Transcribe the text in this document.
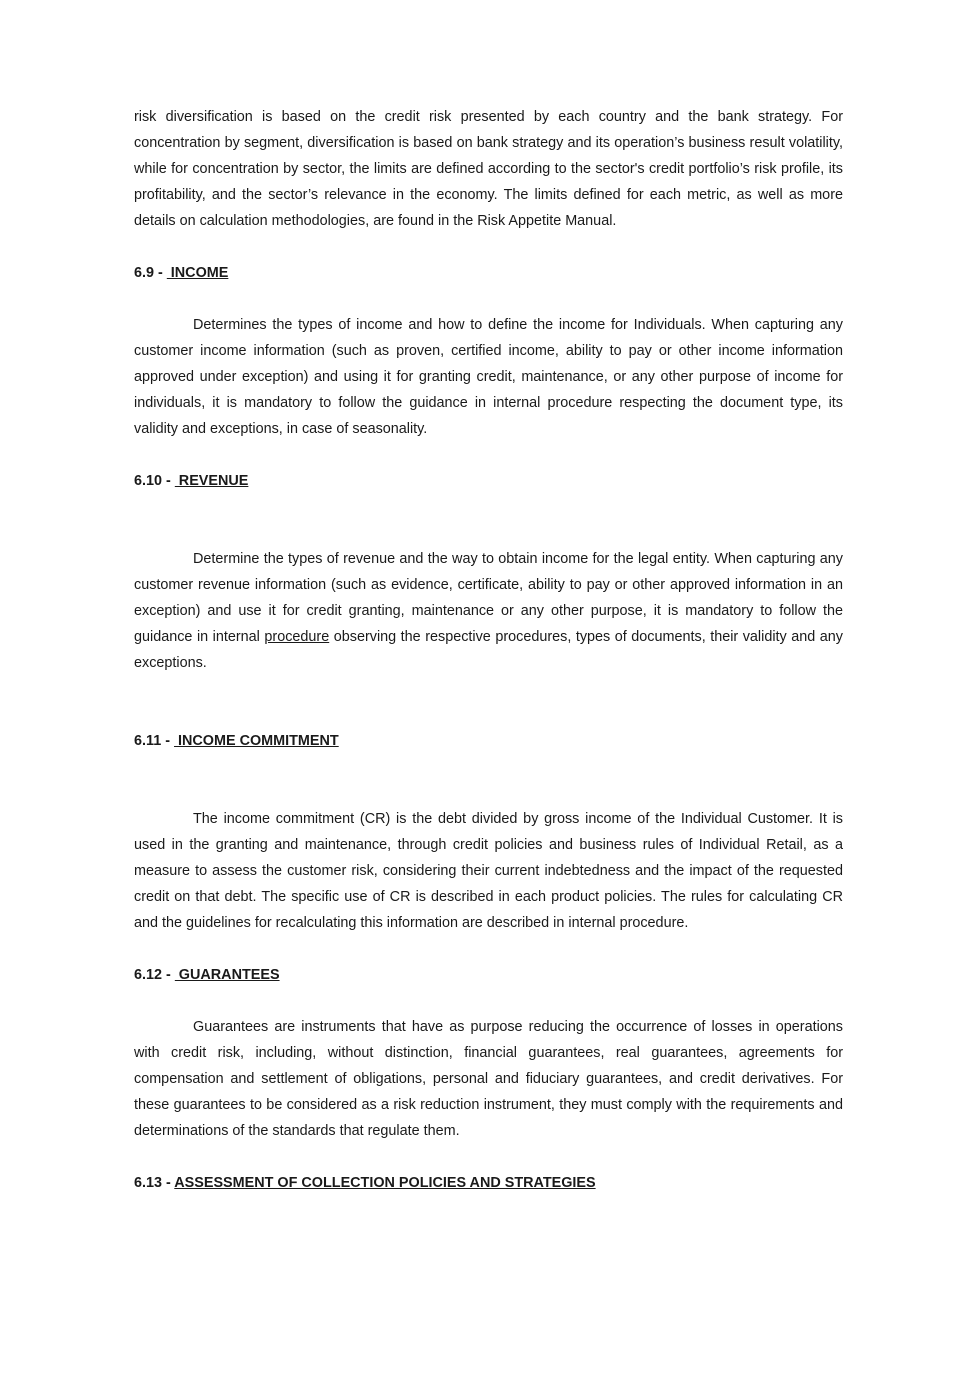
risk diversification is based on the credit risk presented by each country and the bank strategy. For concentration by segment, diversification is based on bank strategy and its operation’s business result volatility, while for concentration by sector, the limits are defined according to the sector's credit portfolio’s risk profile, its profitability, and the sector’s relevance in the economy. The limits defined for each metric, as well as more details on calculation methodologies, are found in the Risk Appetite Manual.

6.9 -  INCOME

Determines the types of income and how to define the income for Individuals. When capturing any customer income information (such as proven, certified income, ability to pay or other income information approved under exception) and using it for granting credit, maintenance, or any other purpose of income for individuals, it is mandatory to follow the guidance in internal procedure respecting the document type, its validity and exceptions, in case of seasonality.

6.10 -  REVENUE

Determine the types of revenue and the way to obtain income for the legal entity. When capturing any customer revenue information (such as evidence, certificate, ability to pay or other approved information in an exception) and use it for credit granting, maintenance or any other purpose, it is mandatory to follow the guidance in internal procedure observing the respective procedures, types of documents, their validity and any exceptions.

6.11 -  INCOME COMMITMENT

The income commitment (CR) is the debt divided by gross income of the Individual Customer. It is used in the granting and maintenance, through credit policies and business rules of Individual Retail, as a measure to assess the customer risk, considering their current indebtedness and the impact of the requested credit on that debt. The specific use of CR is described in each product policies. The rules for calculating CR and the guidelines for recalculating this information are described in internal procedure.

6.12 -  GUARANTEES

Guarantees are instruments that have as purpose reducing the occurrence of losses in operations with credit risk, including, without distinction, financial guarantees, real guarantees, agreements for compensation and settlement of obligations, personal and fiduciary guarantees, and credit derivatives. For these guarantees to be considered as a risk reduction instrument, they must comply with the requirements and determinations of the standards that regulate them.

6.13 - ASSESSMENT OF COLLECTION POLICIES AND STRATEGIES
